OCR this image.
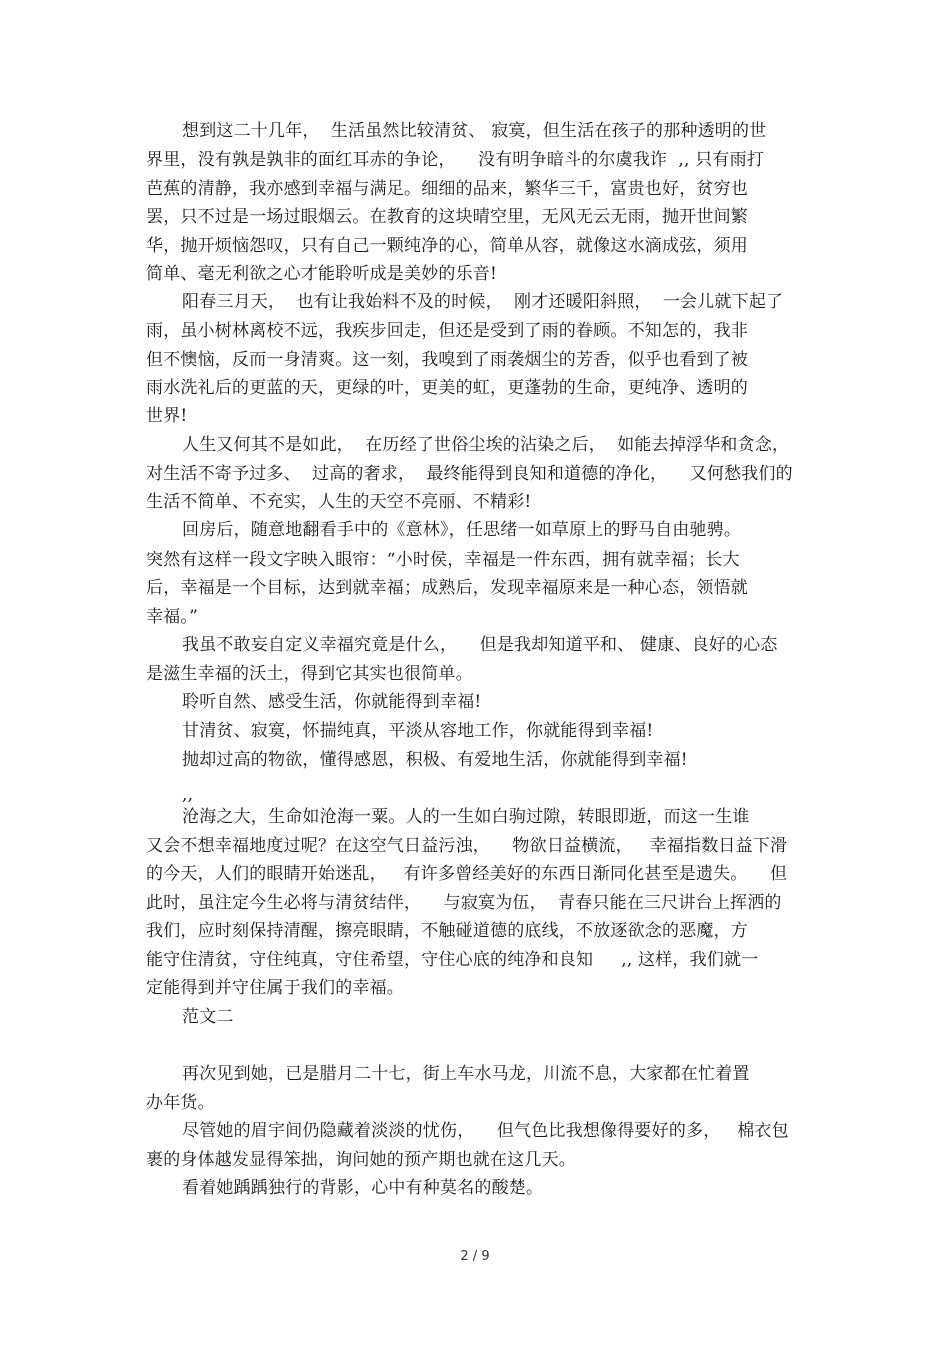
想到这二十几年，  生活虽然比较清贫、 寂寞，但生活在孩子的那种透明的世
界里，没有孰是孰非的面红耳赤的争论，    没有明争暗斗的尔虞我诈  ,, 只有雨打
芭蕉的清静，我亦感到幸福与满足。细细的品来，繁华三千，富贵也好，贫穷也
罢，只不过是一场过眼烟云。在教育的这块晴空里，无风无云无雨，抛开世间繁
华，抛开烦恼怨叹，只有自己一颗纯净的心，简单从容，就像这水滴成弦，须用
简单、毫无利欲之心才能聆听成是美妙的乐音!
阳春三月天，  也有让我始料不及的时候，  刚才还暖阳斜照，  一会儿就下起了
雨，虽小树林离校不远，我疾步回走，但还是受到了雨的眷顾。不知怎的，我非
但不懊恼，反而一身清爽。这一刻，我嗅到了雨袭烟尘的芳香，似乎也看到了被
雨水洗礼后的更蓝的天，更绿的叶，更美的虹，更蓬勃的生命，更纯净、透明的
世界!
人生又何其不是如此，  在历经了世俗尘埃的沾染之后，  如能去掉浮华和贪念，
对生活不寄予过多、  过高的奢求，  最终能得到良知和道德的净化，    又何愁我们的
生活不简单、不充实，人生的天空不亮丽、不精彩!
回房后，随意地翻看手中的《意林》，任思绪一如草原上的野马自由驰骋。
突然有这样一段文字映入眼帘：“小时侯，幸福是一件东西，拥有就幸福；长大
后，幸福是一个目标，达到就幸福；成熟后，发现幸福原来是一种心态，领悟就
幸福。”
我虽不敢妄自定义幸福究竟是什么，    但是我却知道平和、 健康、良好的心态
是滋生幸福的沃土，得到它其实也很简单。
聆听自然、感受生活，你就能得到幸福!
甘清贫、寂寞，怀揣纯真，平淡从容地工作，你就能得到幸福!
抛却过高的物欲，懂得感恩，积极、有爱地生活，你就能得到幸福!
,,
沧海之大，生命如沧海一粟。人的一生如白驹过隙，转眼即逝，而这一生谁
又会不想幸福地度过呢？在这空气日益污浊，    物欲日益横流，   幸福指数日益下滑
的今天，人们的眼睛开始迷乱，   有许多曾经美好的东西日渐同化甚至是遗失。    但
此时，虽注定今生必将与清贫结伴，    与寂寞为伍，  青春只能在三尺讲台上挥洒的
我们，应时刻保持清醒，擦亮眼睛，不触碰道德的底线，不放逐欲念的恶魔，方
能守住清贫，守住纯真，守住希望，守住心底的纯净和良知     ,, 这样，我们就一
定能得到并守住属于我们的幸福。
范文二
再次见到她，已是腊月二十七，街上车水马龙，川流不息，大家都在忙着置
办年货。
尽管她的眉宇间仍隐藏着淡淡的忧伤，    但气色比我想像得要好的多，   棉衣包
裹的身体越发显得笨拙，询问她的预产期也就在这几天。
看着她踽踽独行的背影，心中有种莫名的酸楚。
2 / 9
